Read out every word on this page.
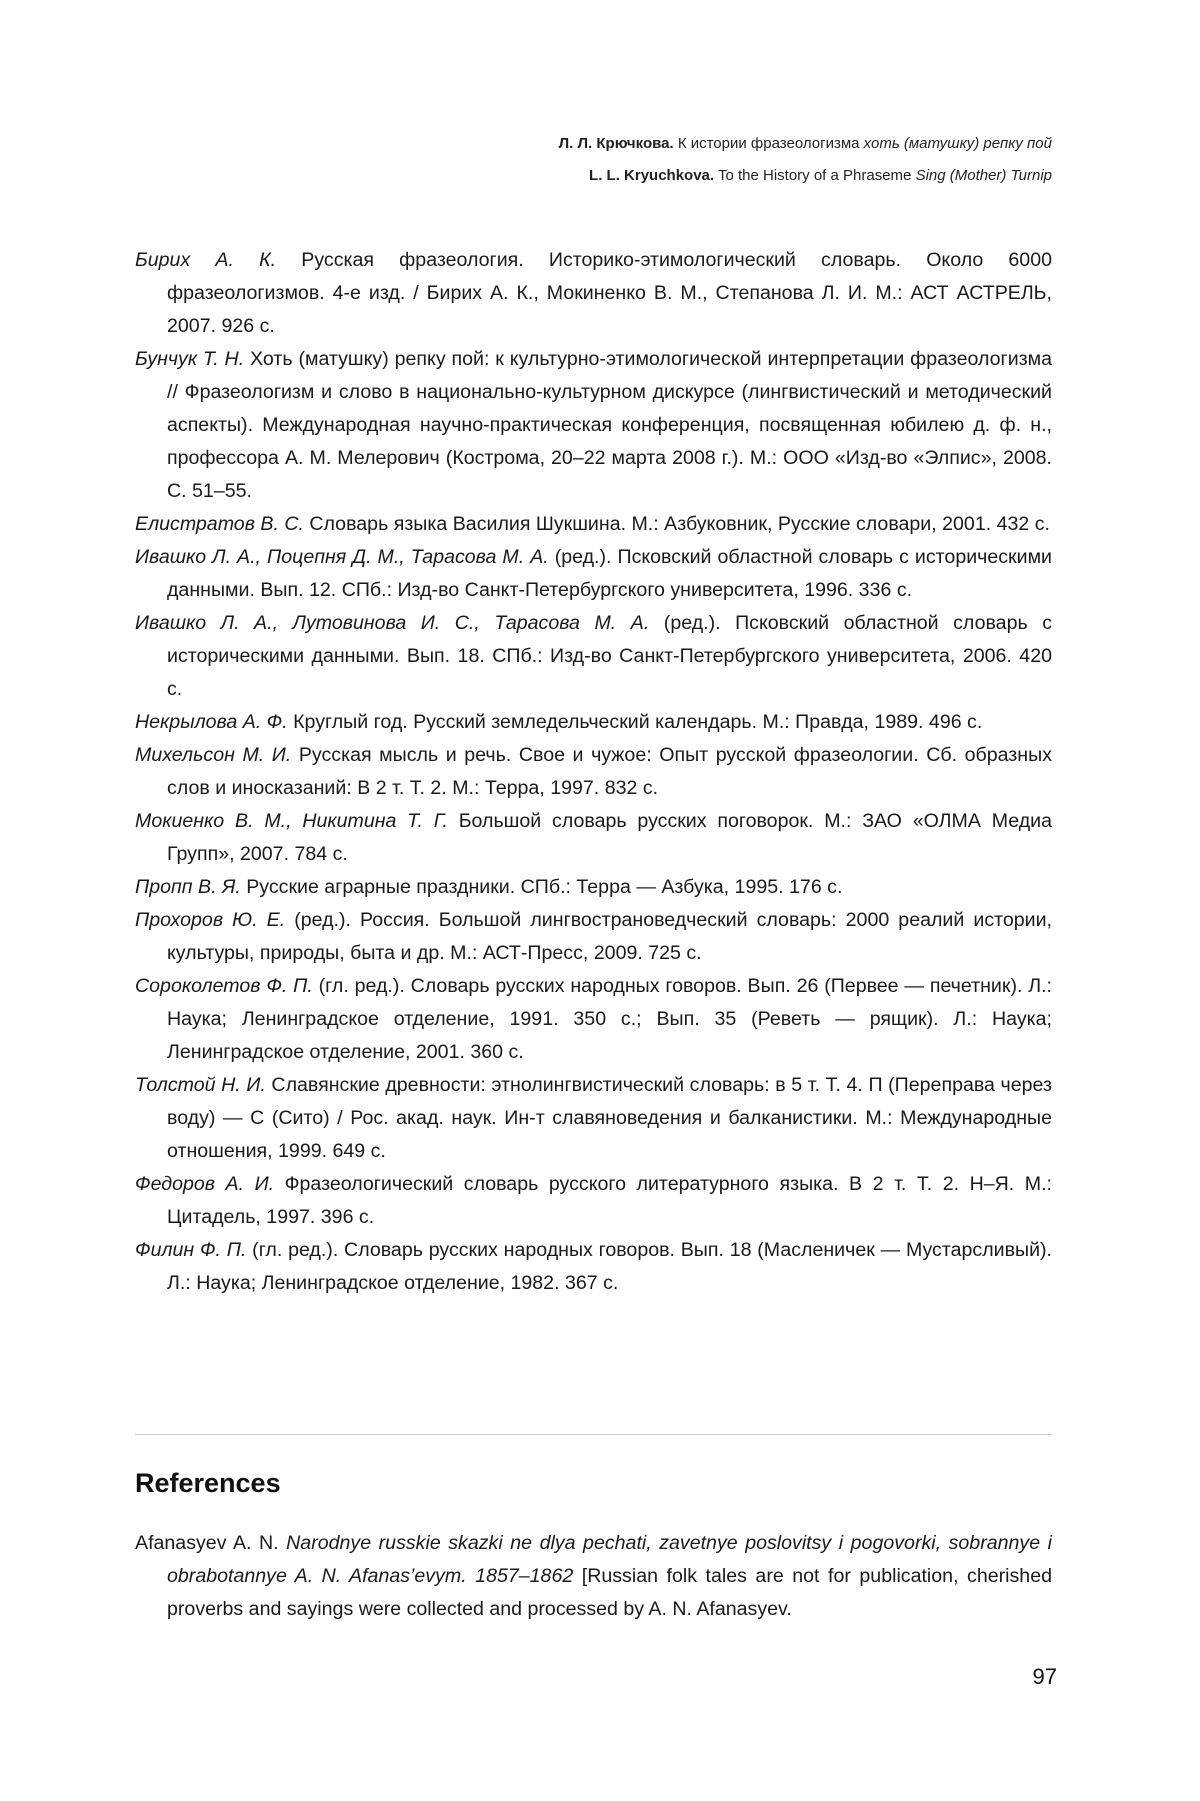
Л. Л. Крючкова. К истории фразеологизма хоть (матушку) репку пой
L. L. Kryuchkova. To the History of a Phraseme Sing (Mother) Turnip

Бирих А. К. Русская фразеология. Историко-этимологический словарь. Около 6000 фразеологизмов. 4-е изд. / Бирих А. К., Мокиненко В. М., Степанова Л. И. М.: АСТ АСТРЕЛЬ, 2007. 926 с.

Бунчук Т. Н. Хоть (матушку) репку пой: к культурно-этимологической интерпретации фразеологизма // Фразеологизм и слово в национально-культурном дискурсе (лингвистический и методический аспекты). Международная научно-практическая конференция, посвященная юбилею д. ф. н., профессора А. М. Мелерович (Кострома, 20–22 марта 2008 г.). М.: ООО «Изд-во «Элпис», 2008. С. 51–55.

Елистратов В. С. Словарь языка Василия Шукшина. М.: Азбуковник, Русские словари, 2001. 432 с.

Ивашко Л. А., Поцепня Д. М., Тарасова М. А. (ред.). Псковский областной словарь с историческими данными. Вып. 12. СПб.: Изд-во Санкт-Петербургского университета, 1996. 336 с.

Ивашко Л. А., Лутовинова И. С., Тарасова М. А. (ред.). Псковский областной словарь с историческими данными. Вып. 18. СПб.: Изд-во Санкт-Петербургского университета, 2006. 420 с.

Некрылова А. Ф. Круглый год. Русский земледельческий календарь. М.: Правда, 1989. 496 с.

Михельсон М. И. Русская мысль и речь. Свое и чужое: Опыт русской фразеологии. Сб. образных слов и иносказаний: В 2 т. Т. 2. М.: Терра, 1997. 832 с.

Мокиенко В. М., Никитина Т. Г. Большой словарь русских поговорок. М.: ЗАО «ОЛМА Медиа Групп», 2007. 784 с.

Пропп В. Я. Русские аграрные праздники. СПб.: Терра — Азбука, 1995. 176 с.

Прохоров Ю. Е. (ред.). Россия. Большой лингвострановедческий словарь: 2000 реалий истории, культуры, природы, быта и др. М.: АСТ-Пресс, 2009. 725 с.

Сороколетов Ф. П. (гл. ред.). Словарь русских народных говоров. Вып. 26 (Первее — печетник). Л.: Наука; Ленинградское отделение, 1991. 350 с.; Вып. 35 (Реветь — рящик). Л.: Наука; Ленинградское отделение, 2001. 360 с.

Толстой Н. И. Славянские древности: этнолингвистический словарь: в 5 т. Т. 4. П (Переправа через воду) — С (Сито) / Рос. акад. наук. Ин-т славяноведения и балканистики. М.: Международные отношения, 1999. 649 с.

Федоров А. И. Фразеологический словарь русского литературного языка. В 2 т. Т. 2. Н–Я. М.: Цитадель, 1997. 396 с.

Филин Ф. П. (гл. ред.). Словарь русских народных говоров. Вып. 18 (Масленичек — Мустарсливый). Л.: Наука; Ленинградское отделение, 1982. 367 с.

References

Afanasyev A. N. Narodnye russkie skazki ne dlya pechati, zavetnye poslovitsy i pogovorki, sobrannye i obrabotannye A. N. Afanas’evym. 1857–1862 [Russian folk tales are not for publication, cherished proverbs and sayings were collected and processed by A. N. Afanasyev.

97
